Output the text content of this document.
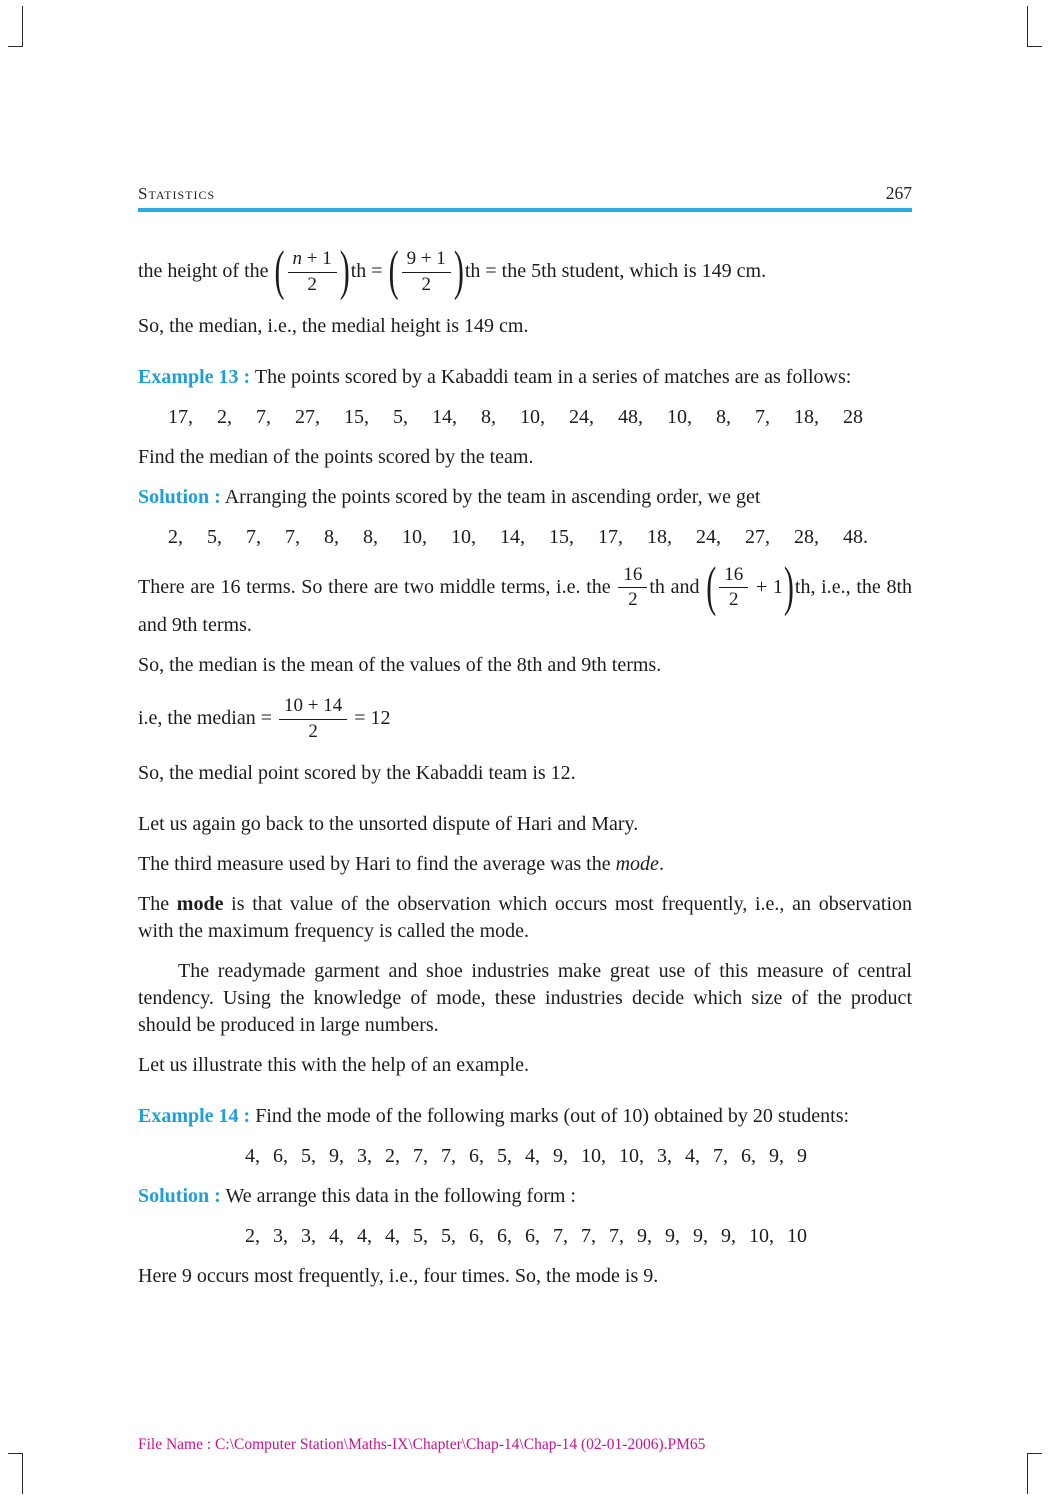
Statistics	267
the height of the ( $\frac{n + 1}{2} )th$ = ( $\frac{9 + 1}{2} )th$ = the 5th student, which is 149 cm.
So, the median, i.e., the medial height is 149 cm.
Example 13 : The points scored by a Kabaddi team in a series of matches are as follows:
17, 2, 7, 27, 15, 5, 14, 8, 10, 24, 48, 10, 8, 7, 18, 28
Find the median of the points scored by the team.
Solution : Arranging the points scored by the team in ascending order, we get
2, 5, 7, 7, 8, 8, 10, 10, 14, 15, 17, 18, 24, 27, 28, 48.
There are 16 terms. So there are two middle terms, i.e. the $\frac{16}{2}$ th and ( $\frac{16}{2} + 1)th$, i.e., the 8th and 9th terms.
So, the median is the mean of the values of the 8th and 9th terms.
i.e, the median = $\frac{10 + 14}{2} = 12$
So, the medial point scored by the Kabaddi team is 12.
Let us again go back to the unsorted dispute of Hari and Mary.
The third measure used by Hari to find the average was the mode.
The mode is that value of the observation which occurs most frequently, i.e., an observation with the maximum frequency is called the mode.
The readymade garment and shoe industries make great use of this measure of central tendency. Using the knowledge of mode, these industries decide which size of the product should be produced in large numbers.
Let us illustrate this with the help of an example.
Example 14 : Find the mode of the following marks (out of 10) obtained by 20 students:
4, 6, 5, 9, 3, 2, 7, 7, 6, 5, 4, 9, 10, 10, 3, 4, 7, 6, 9, 9
Solution : We arrange this data in the following form :
2, 3, 3, 4, 4, 4, 5, 5, 6, 6, 6, 7, 7, 7, 9, 9, 9, 9, 10, 10
Here 9 occurs most frequently, i.e., four times. So, the mode is 9.
File Name : C:\Computer Station\Maths-IX\Chapter\Chap-14\Chap-14 (02-01-2006).PM65
